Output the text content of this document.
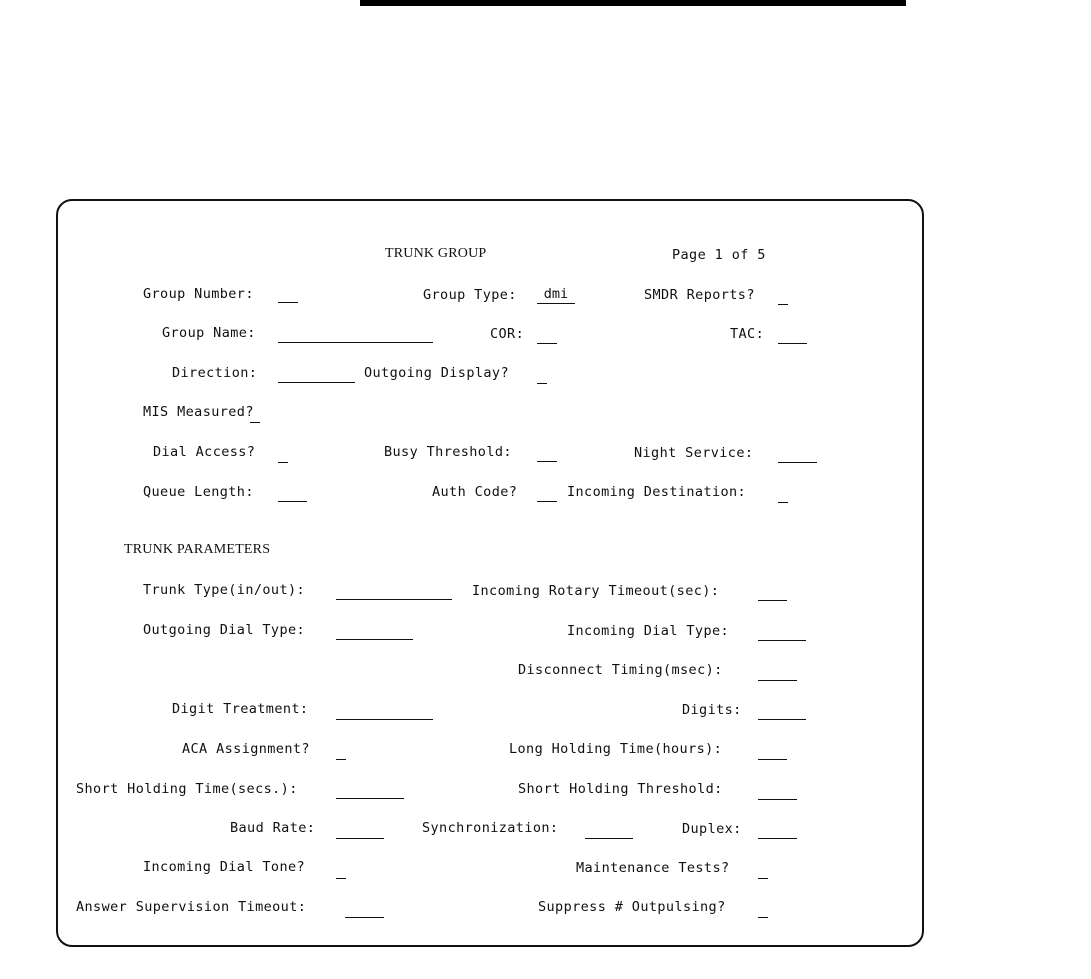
TRUNK GROUP	Page 1 of 5
Group Number:	Group Type:	dmi	SMDR Reports?
Group Name:	COR:	TAC:
Direction:	Outgoing Display?
MIS Measured?
Dial Access?	Busy Threshold:	Night Service:
Queue Length:	Auth Code?	Incoming Destination:
TRUNK PARAMETERS
Trunk Type(in/out):	Incoming Rotary Timeout(sec):
Outgoing Dial Type:	Incoming Dial Type:
Disconnect Timing(msec):
Digit Treatment:	Digits:
ACA Assignment?	Long Holding Time(hours):
Short Holding Time(secs.):	Short Holding Threshold:
Baud Rate:	Synchronization:	Duplex:
Incoming Dial Tone?	Maintenance Tests?
Answer Supervision Timeout:	Suppress # Outpulsing?
